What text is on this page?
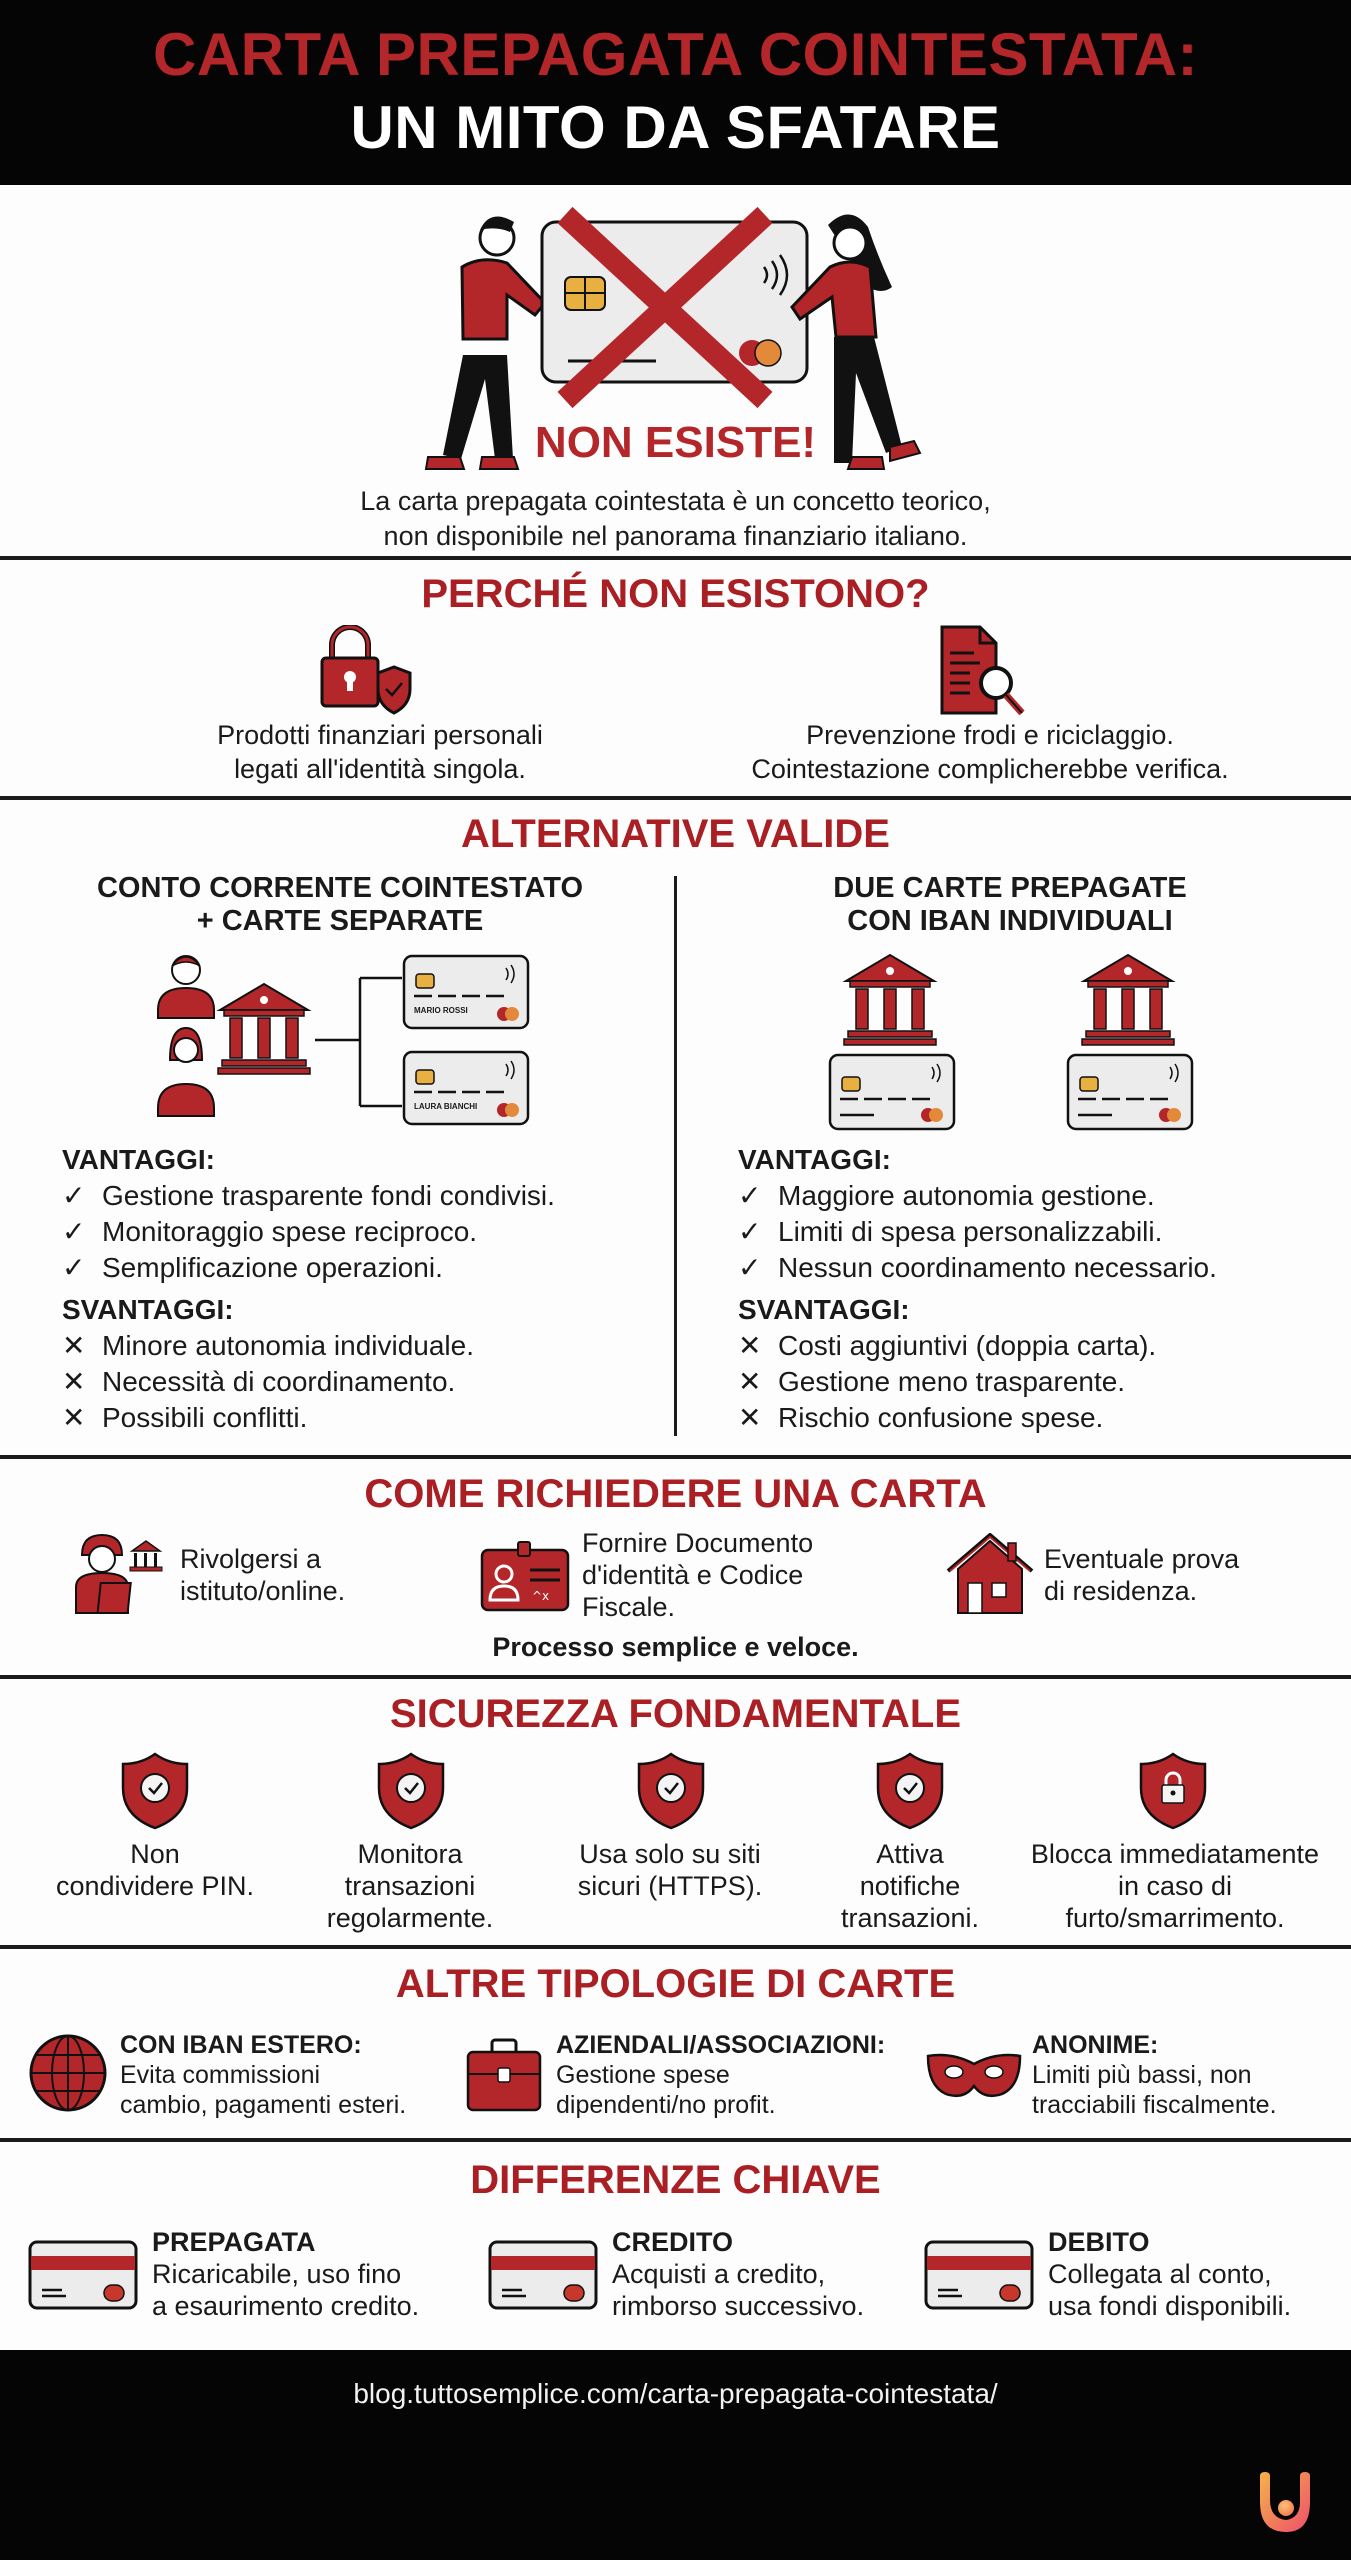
CARTA PREPAGATA COINTESTATA:
UN MITO DA SFATARE
NON ESISTE!
La carta prepagata cointestata è un concetto teorico,
non disponibile nel panorama finanziario italiano.
PERCHÉ NON ESISTONO?
Prodotti finanziari personali
legati all'identità singola.
Prevenzione frodi e riciclaggio.
Cointestazione complicherebbe verifica.
ALTERNATIVE VALIDE
CONTO CORRENTE COINTESTATO
+ CARTE SEPARATE
DUE CARTE PREPAGATE
CON IBAN INDIVIDUALI
MARIO ROSSI
LAURA BIANCHI
VANTAGGI:
✓ Gestione trasparente fondi condivisi.
✓ Monitoraggio spese reciproco.
✓ Semplificazione operazioni.
SVANTAGGI:
✕ Minore autonomia individuale.
✕ Necessità di coordinamento.
✕ Possibili conflitti.
VANTAGGI:
✓ Maggiore autonomia gestione.
✓ Limiti di spesa personalizzabili.
✓ Nessun coordinamento necessario.
SVANTAGGI:
✕ Costi aggiuntivi (doppia carta).
✕ Gestione meno trasparente.
✕ Rischio confusione spese.
COME RICHIEDERE UNA CARTA
Rivolgersi a
istituto/online.	^x
Fornire Documento
d'identità e Codice
Fiscale.
Eventuale prova
di residenza.
Processo semplice e veloce.
SICUREZZA FONDAMENTALE
Non
condividere PIN.
Monitora
transazioni
regolarmente.
Usa solo su siti
sicuri (HTTPS).
Attiva
notifiche
transazioni.
Blocca immediatamente
in caso di
furto/smarrimento.
ALTRE TIPOLOGIE DI CARTE
CON IBAN ESTERO:
Evita commissioni
cambio, pagamenti esteri.
AZIENDALI/ASSOCIAZIONI:
Gestione spese
dipendenti/no profit.
ANONIME:
Limiti più bassi, non
tracciabili fiscalmente.
DIFFERENZE CHIAVE
PREPAGATA
Ricaricabile, uso fino
a esaurimento credito.
CREDITO
Acquisti a credito,
rimborso successivo.
DEBITO
Collegata al conto,
usa fondi disponibili.
blog.tuttosemplice.com/carta-prepagata-cointestata/
